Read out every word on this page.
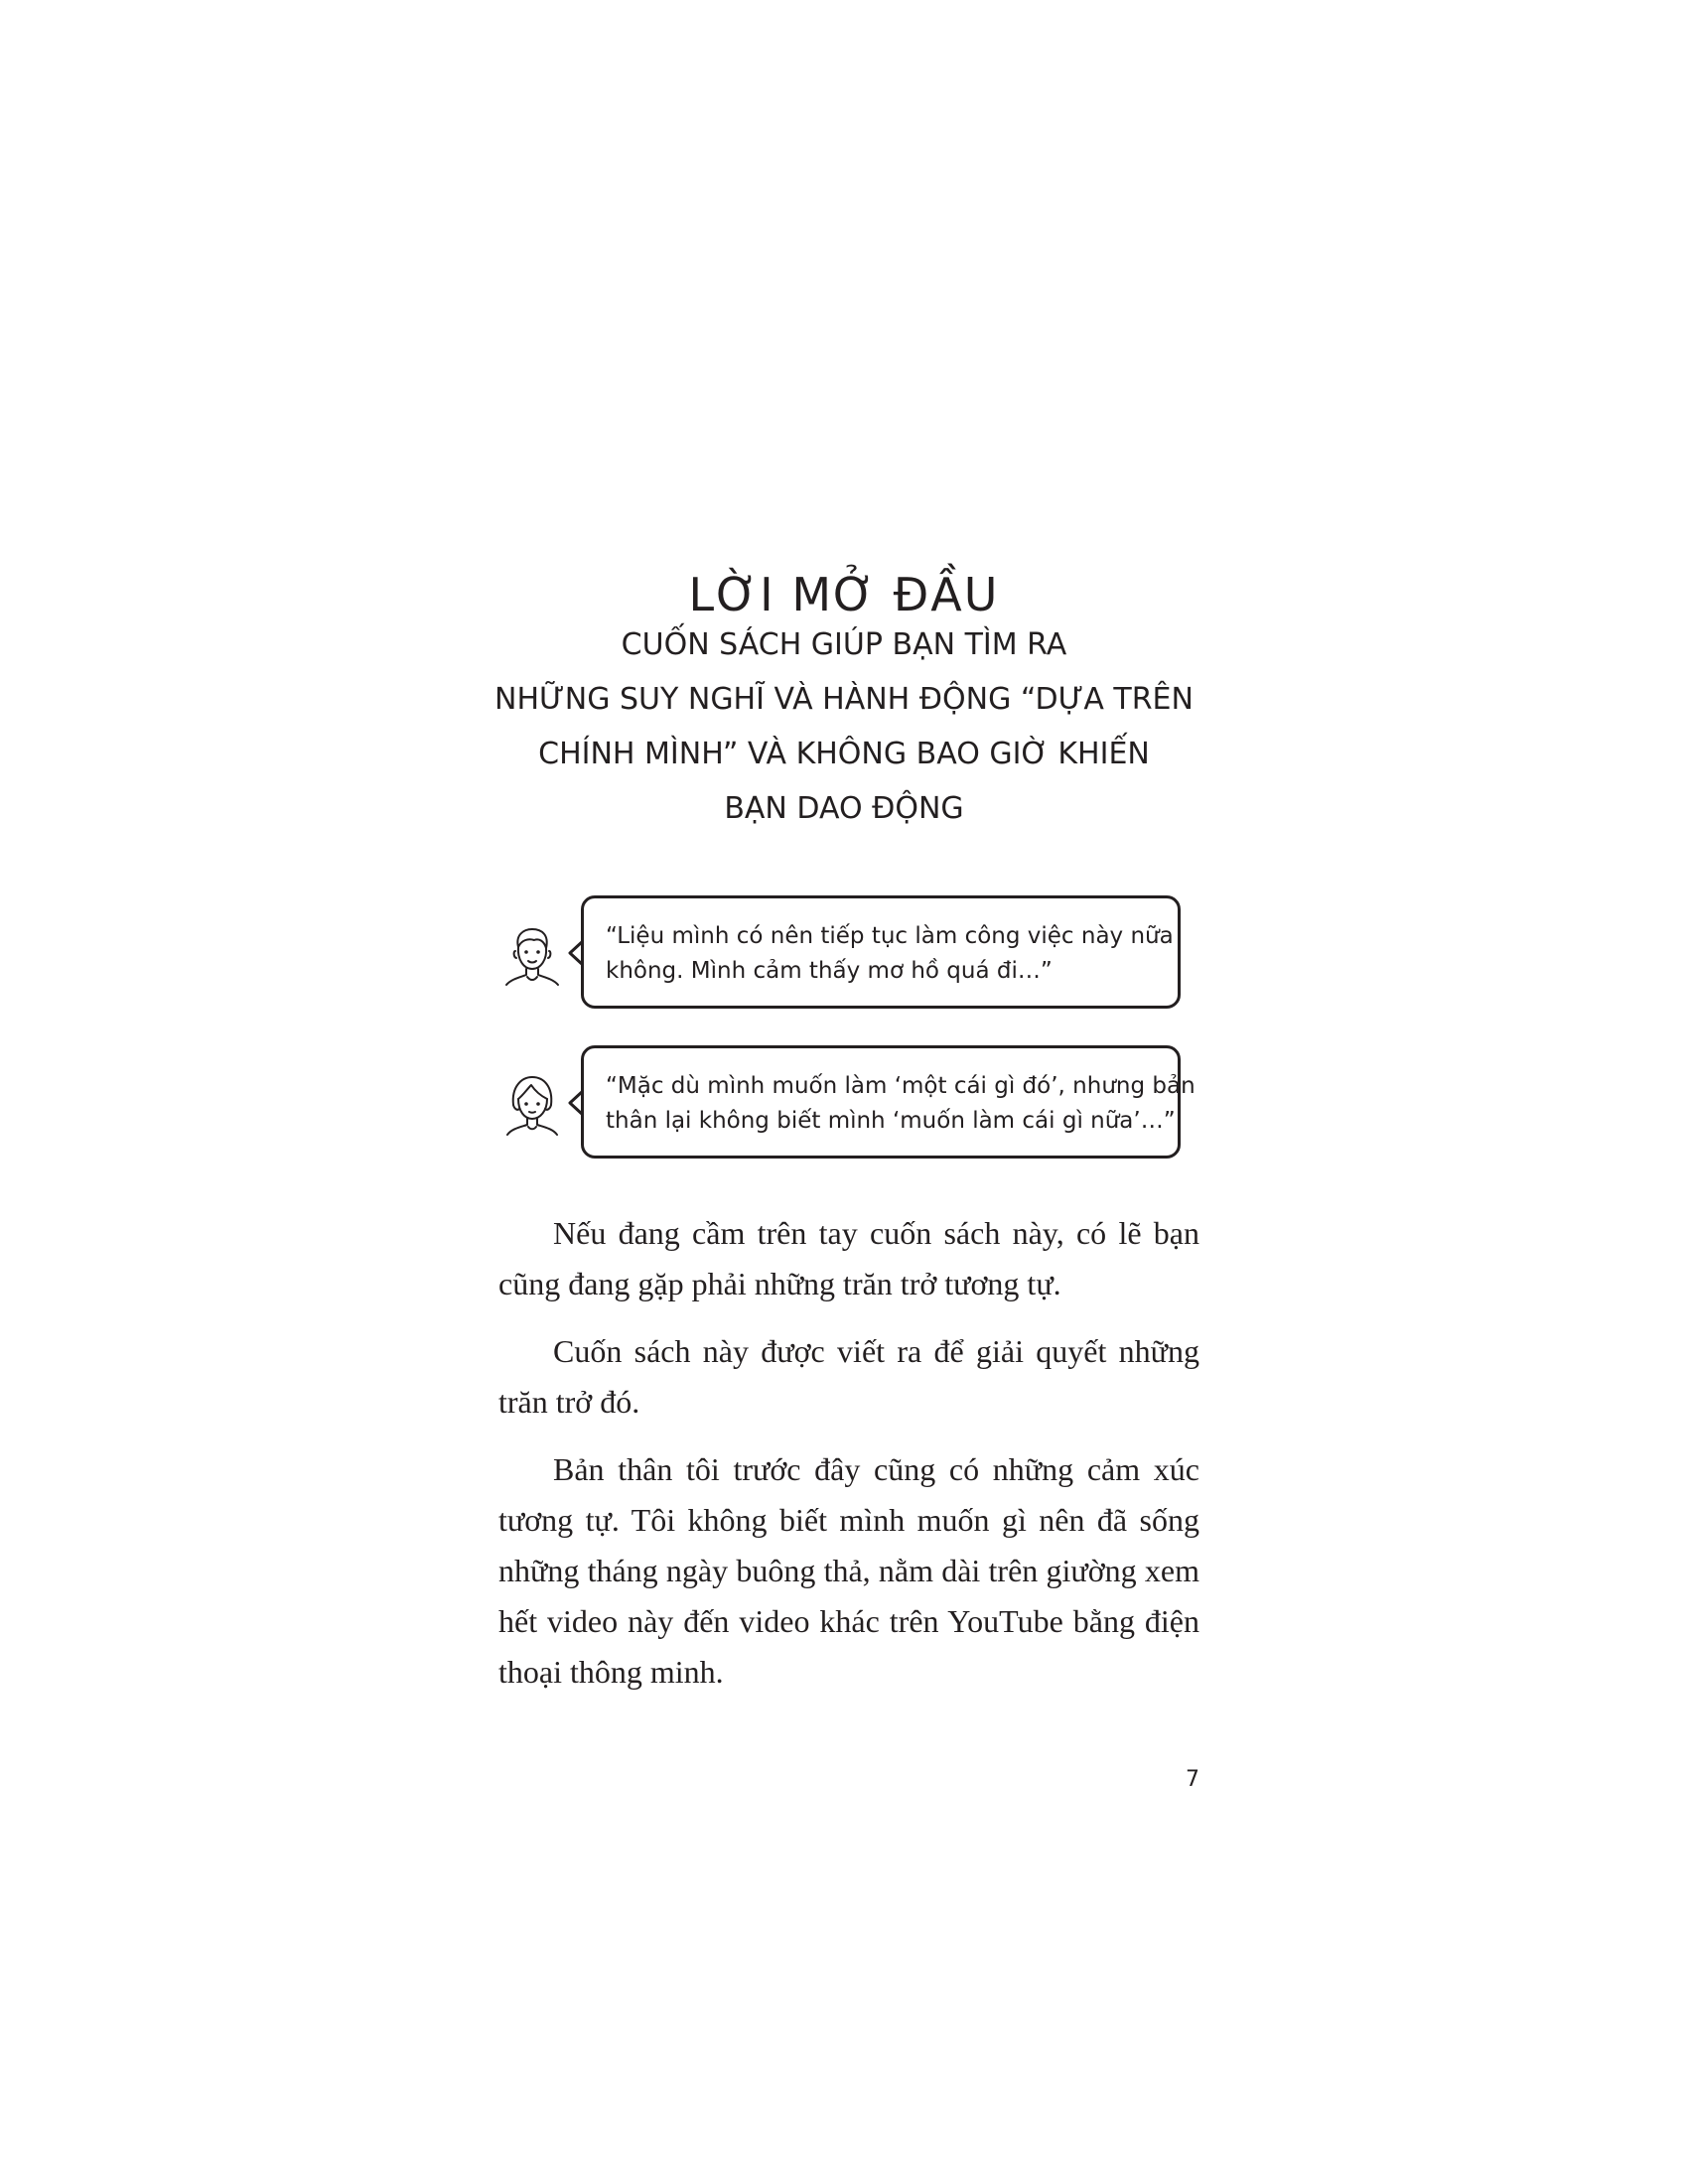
LỜI MỞ ĐẦU
CUỐN SÁCH GIÚP BẠN TÌM RA
NHỮNG SUY NGHĨ VÀ HÀNH ĐỘNG “DỰA TRÊN
CHÍNH MÌNH” VÀ KHÔNG BAO GIỜ KHIẾN
BẠN DAO ĐỘNG
“Liệu mình có nên tiếp tục làm công việc này nữa
không. Mình cảm thấy mơ hồ quá đi…”
“Mặc dù mình muốn làm ‘một cái gì đó’, nhưng bản
thân lại không biết mình ‘muốn làm cái gì nữa’…”

Nếu đang cầm trên tay cuốn sách này, có lẽ bạn cũng đang gặp phải những trăn trở tương tự.

Cuốn sách này được viết ra để giải quyết những trăn trở đó.

Bản thân tôi trước đây cũng có những cảm xúc tương tự. Tôi không biết mình muốn gì nên đã sống những tháng ngày buông thả, nằm dài trên giường xem hết video này đến video khác trên YouTube bằng điện thoại thông minh.

7
